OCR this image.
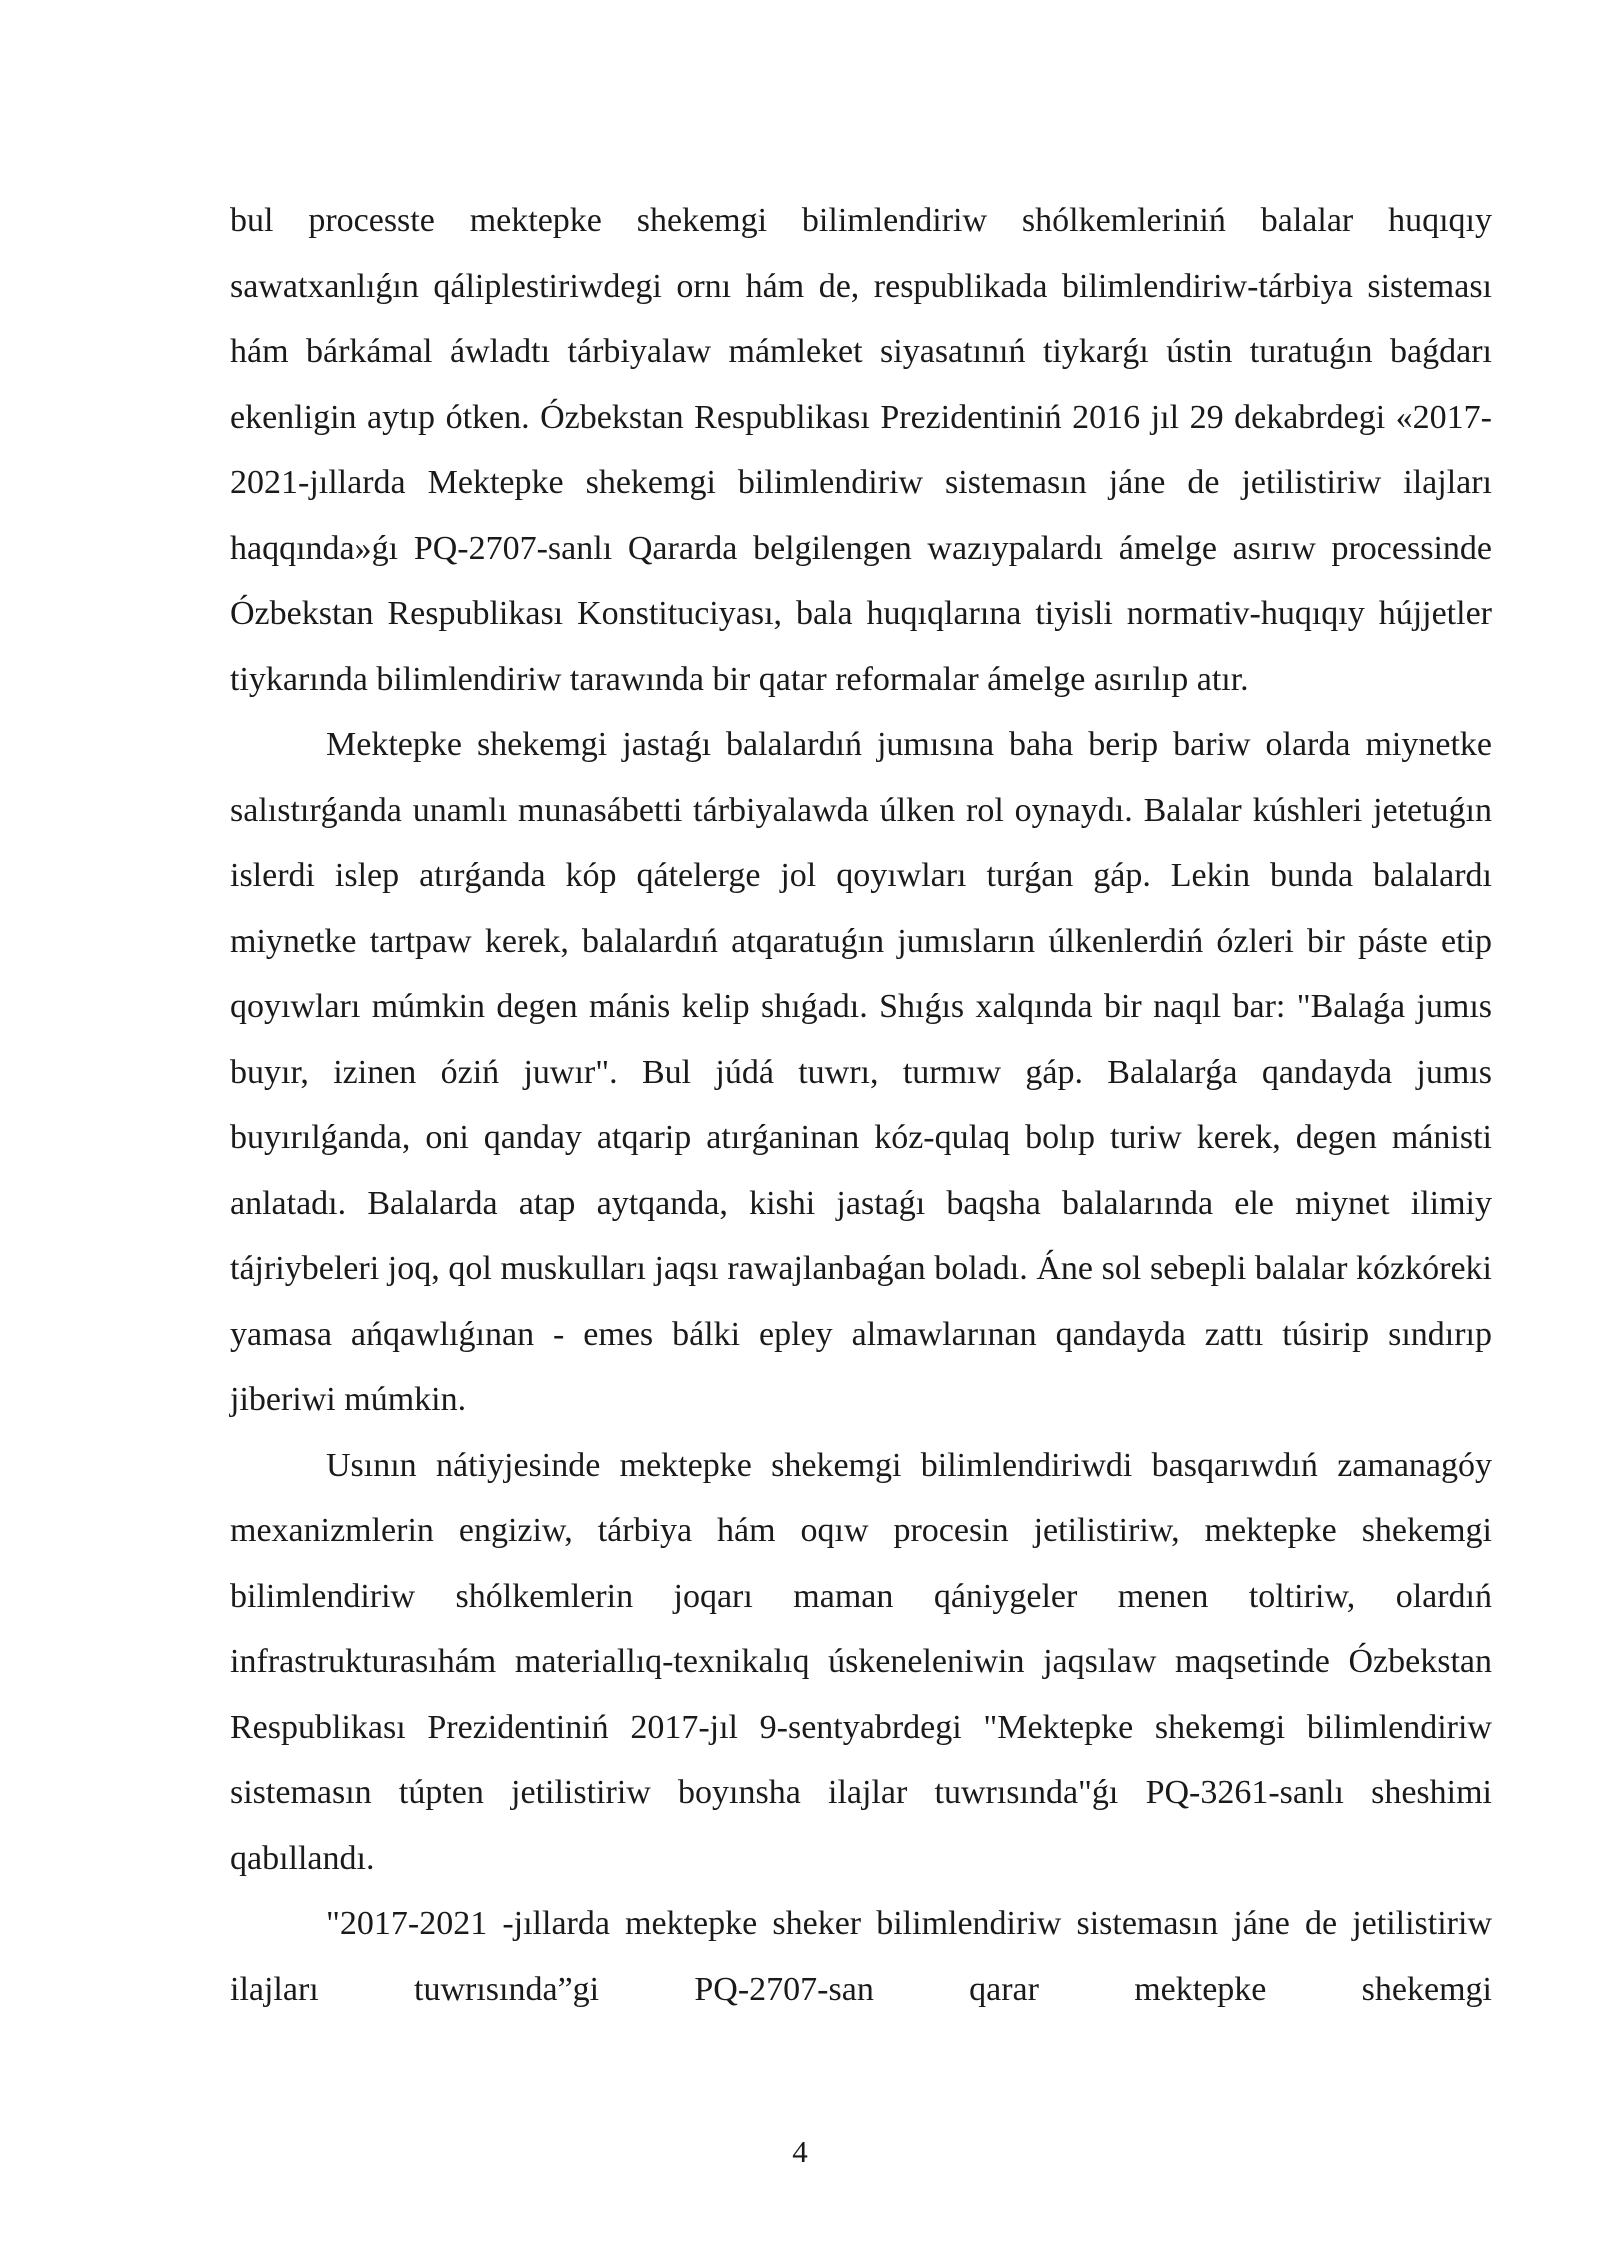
bul processte mektepke shekemgi bilimlendiriw shólkemleriniń balalar huqıqıy sawatxanlıǵın qáliplestiriwdegi ornı hám de, respublikada bilimlendiriw-tárbiya sisteması hám bárkámal áwladtı tárbiyalaw mámleket siyasatınıń tiykarǵı ústin turatuǵın baǵdarı ekenligin aytıp ótken. Ózbekstan Respublikası Prezidentiniń 2016 jıl 29 dekabrdegi «2017-2021-jıllarda Mektepke shekemgi bilimlendiriw sistemasın jáne de jetilistiriw ilajları haqqında»ǵı PQ-2707-sanlı Qararda belgilengen wazıypalardı ámelge asırıw processinde Ózbekstan Respublikası Konstituciyası, bala huqıqlarına tiyisli normativ-huqıqıy hújjetler tiykarında bilimlendiriw tarawında bir qatar reformalar ámelge asırılıp atır.

Mektepke shekemgi jastaǵı balalardıń jumısına baha berip bariw olarda miynetke salıstırǵanda unamlı munasábetti tárbiyalawda úlken rol oynaydı. Balalar kúshleri jetetuǵın islerdi islep atırǵanda kóp qátelerge jol qoyıwları turǵan gáp. Lekin bunda balalardı miynetke tartpaw kerek, balalardıń atqaratuǵın jumısların úlkenlerdiń ózleri bir páste etip qoyıwları múmkin degen mánis kelip shıǵadı. Shıǵıs xalqında bir naqıl bar: "Balaǵa jumıs buyır, izinen óziń juwır". Bul júdá tuwrı, turmıw gáp. Balalarǵa qandayda jumıs buyırılǵanda, oni qanday atqarip atırǵaninan kóz-qulaq bolıp turiw kerek, degen mánisti anlatadı. Balalarda atap aytqanda, kishi jastaǵı baqsha balalarında ele miynet ilimiy tájriybeleri joq, qol muskulları jaqsı rawajlanbaǵan boladı. Áne sol sebepli balalar kózkóreki yamasa ańqawlıǵınan - emes bálki epley almawlarınan qandayda zattı túsirip sındırıp jiberiwi múmkin.

Usının nátiyjesinde mektepke shekemgi bilimlendiriwdi basqarıwdıń zamanagóy mexanizmlerin engiziw, tárbiya hám oqıw procesin jetilistiriw, mektepke shekemgi bilimlendiriw shólkemlerin joqarı maman qániygeler menen toltiriw, olardıń infrastrukturasıhám materiallıq-texnikalıq úskeneleniwin jaqsılaw maqsetinde Ózbekstan Respublikası Prezidentiniń 2017-jıl 9-sentyabrdegi "Mektepke shekemgi bilimlendiriw sistemasın túpten jetilistiriw boyınsha ilajlar tuwrısında"ǵı PQ-3261-sanlı sheshimi qabıllandı.

"2017-2021 -jıllarda mektepke sheker bilimlendiriw sistemasın jáne de jetilistiriw ilajları tuwrısında”gi PQ-2707-san qarar mektepke shekemgi

4
